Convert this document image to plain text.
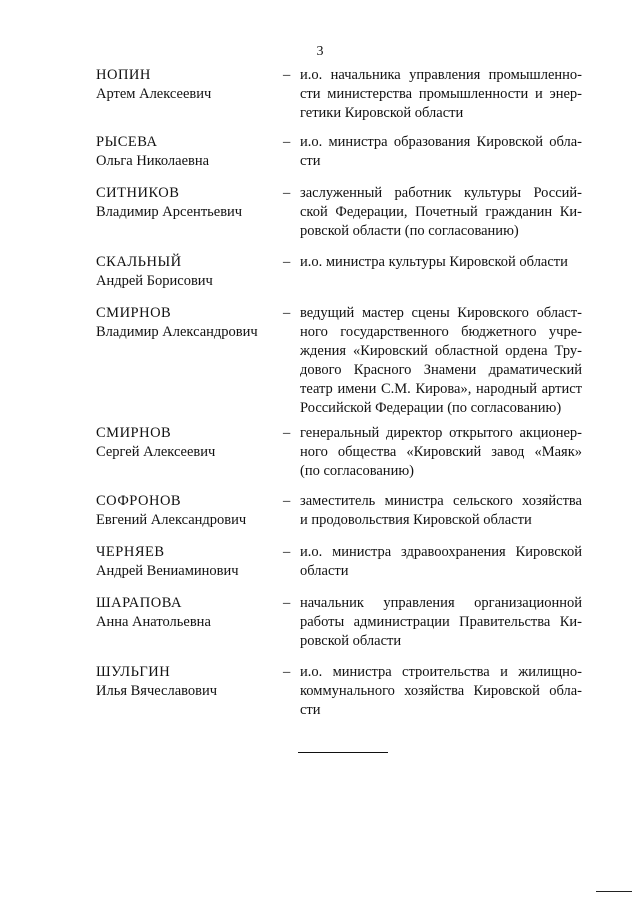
3
НОПИН
Артем Алексеевич
– и.о. начальника управления промышленно-
сти министерства промышленности и энер-
гетики Кировской области
РЫСЕВА
Ольга Николаевна
– и.о. министра образования Кировской обла-
сти
СИТНИКОВ
Владимир Арсентьевич
– заслуженный работник культуры Россий-
ской Федерации, Почетный гражданин Ки-
ровской области (по согласованию)
СКАЛЬНЫЙ
Андрей Борисович
– и.о. министра культуры Кировской области
СМИРНОВ
Владимир Александрович
– ведущий мастер сцены Кировского област-
ного государственного бюджетного учре-
ждения «Кировский областной ордена Тру-
дового Красного Знамени драматический
театр имени С.М. Кирова», народный артист
Российской Федерации (по согласованию)
СМИРНОВ
Сергей Алексеевич
– генеральный директор открытого акционер-
ного общества «Кировский завод «Маяк»
(по согласованию)
СОФРОНОВ
Евгений Александрович
– заместитель министра сельского хозяйства
и продовольствия Кировской области
ЧЕРНЯЕВ
Андрей Вениаминович
– и.о. министра здравоохранения Кировской
области
ШАРАПОВА
Анна Анатольевна
– начальник управления организационной
работы администрации Правительства Ки-
ровской области
ШУЛЬГИН
Илья Вячеславович
– и.о. министра строительства и жилищно-
коммунального хозяйства Кировской обла-
сти
